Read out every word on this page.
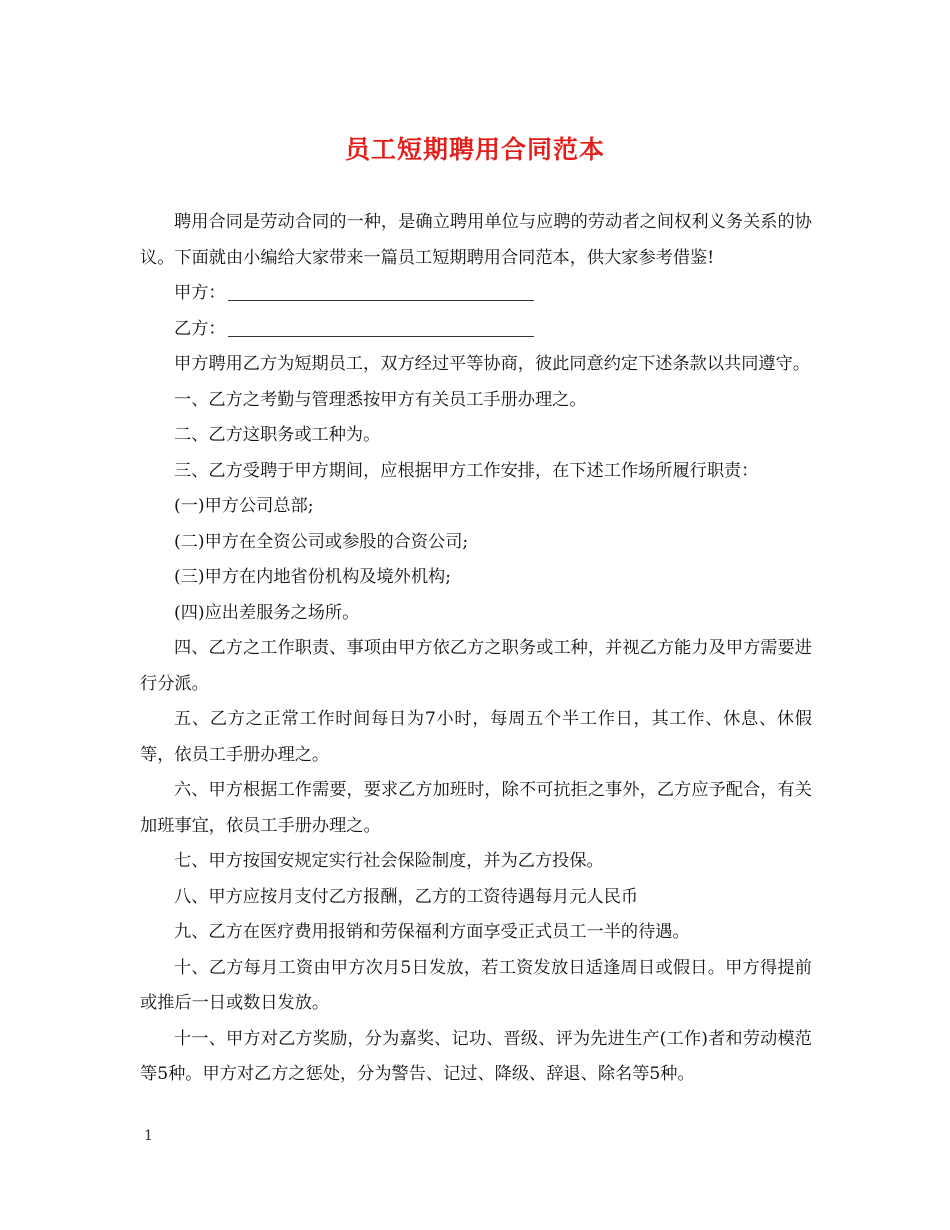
员工短期聘用合同范本

聘用合同是劳动合同的一种，是确立聘用单位与应聘的劳动者之间权利义务关系的协议。下面就由小编给大家带来一篇员工短期聘用合同范本，供大家参考借鉴!

甲方：
乙方：

甲方聘用乙方为短期员工，双方经过平等协商，彼此同意约定下述条款以共同遵守。

一、乙方之考勤与管理悉按甲方有关员工手册办理之。

二、乙方这职务或工种为。

三、乙方受聘于甲方期间，应根据甲方工作安排，在下述工作场所履行职责：

(一)甲方公司总部;

(二)甲方在全资公司或参股的合资公司;

(三)甲方在内地省份机构及境外机构;

(四)应出差服务之场所。

四、乙方之工作职责、事项由甲方依乙方之职务或工种，并视乙方能力及甲方需要进行分派。

五、乙方之正常工作时间每日为7小时，每周五个半工作日，其工作、休息、休假等，依员工手册办理之。

六、甲方根据工作需要，要求乙方加班时，除不可抗拒之事外，乙方应予配合，有关加班事宜，依员工手册办理之。

七、甲方按国安规定实行社会保险制度，并为乙方投保。

八、甲方应按月支付乙方报酬，乙方的工资待遇每月元人民币

九、乙方在医疗费用报销和劳保福利方面享受正式员工一半的待遇。

十、乙方每月工资由甲方次月5日发放，若工资发放日适逢周日或假日。甲方得提前或推后一日或数日发放。

十一、甲方对乙方奖励，分为嘉奖、记功、晋级、评为先进生产(工作)者和劳动模范等5种。甲方对乙方之惩处，分为警告、记过、降级、辞退、除名等5种。

1
